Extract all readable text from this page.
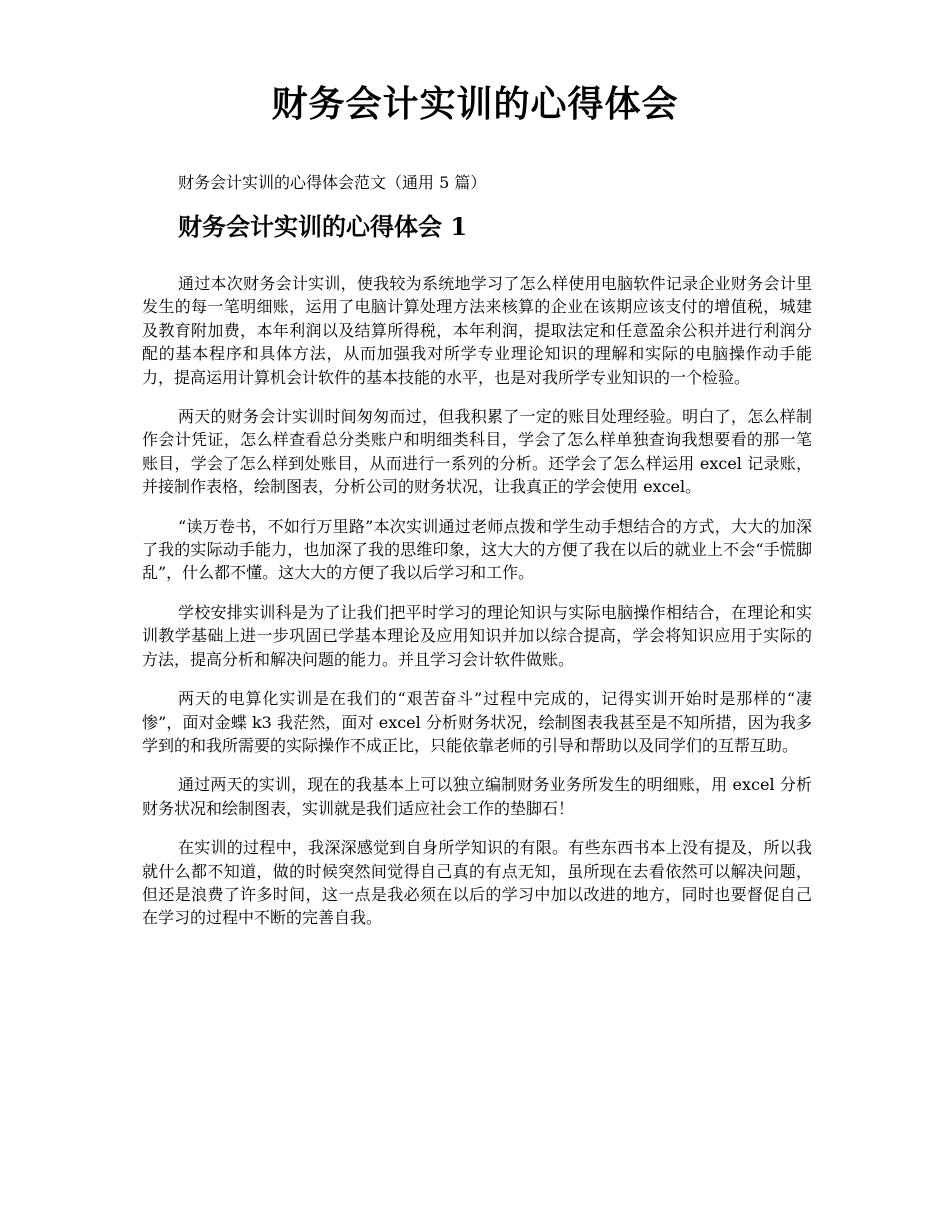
财务会计实训的心得体会

财务会计实训的心得体会范文（通用 5 篇）

财务会计实训的心得体会 1

通过本次财务会计实训，使我较为系统地学习了怎么样使用电脑软件记录企业财务会计里发生的每一笔明细账，运用了电脑计算处理方法来核算的企业在该期应该支付的增值税，城建及教育附加费，本年利润以及结算所得税，本年利润，提取法定和任意盈余公积并进行利润分配的基本程序和具体方法，从而加强我对所学专业理论知识的理解和实际的电脑操作动手能力，提高运用计算机会计软件的基本技能的水平，也是对我所学专业知识的一个检验。

两天的财务会计实训时间匆匆而过，但我积累了一定的账目处理经验。明白了，怎么样制作会计凭证，怎么样查看总分类账户和明细类科目，学会了怎么样单独查询我想要看的那一笔账目，学会了怎么样到处账目，从而进行一系列的分析。还学会了怎么样运用 excel 记录账，并接制作表格，绘制图表，分析公司的财务状况，让我真正的学会使用 excel。

“读万卷书，不如行万里路”本次实训通过老师点拨和学生动手想结合的方式，大大的加深了我的实际动手能力，也加深了我的思维印象，这大大的方便了我在以后的就业上不会“手慌脚乱”，什么都不懂。这大大的方便了我以后学习和工作。

学校安排实训科是为了让我们把平时学习的理论知识与实际电脑操作相结合，在理论和实训教学基础上进一步巩固已学基本理论及应用知识并加以综合提高，学会将知识应用于实际的方法，提高分析和解决问题的能力。并且学习会计软件做账。

两天的电算化实训是在我们的“艰苦奋斗”过程中完成的，记得实训开始时是那样的“凄惨”，面对金蝶 k3 我茫然，面对 excel 分析财务状况，绘制图表我甚至是不知所措，因为我多学到的和我所需要的实际操作不成正比，只能依靠老师的引导和帮助以及同学们的互帮互助。

通过两天的实训，现在的我基本上可以独立编制财务业务所发生的明细账，用 excel 分析财务状况和绘制图表，实训就是我们适应社会工作的垫脚石！

在实训的过程中，我深深感觉到自身所学知识的有限。有些东西书本上没有提及，所以我就什么都不知道，做的时候突然间觉得自己真的有点无知，虽所现在去看依然可以解决问题，但还是浪费了许多时间，这一点是我必须在以后的学习中加以改进的地方，同时也要督促自己在学习的过程中不断的完善自我。
